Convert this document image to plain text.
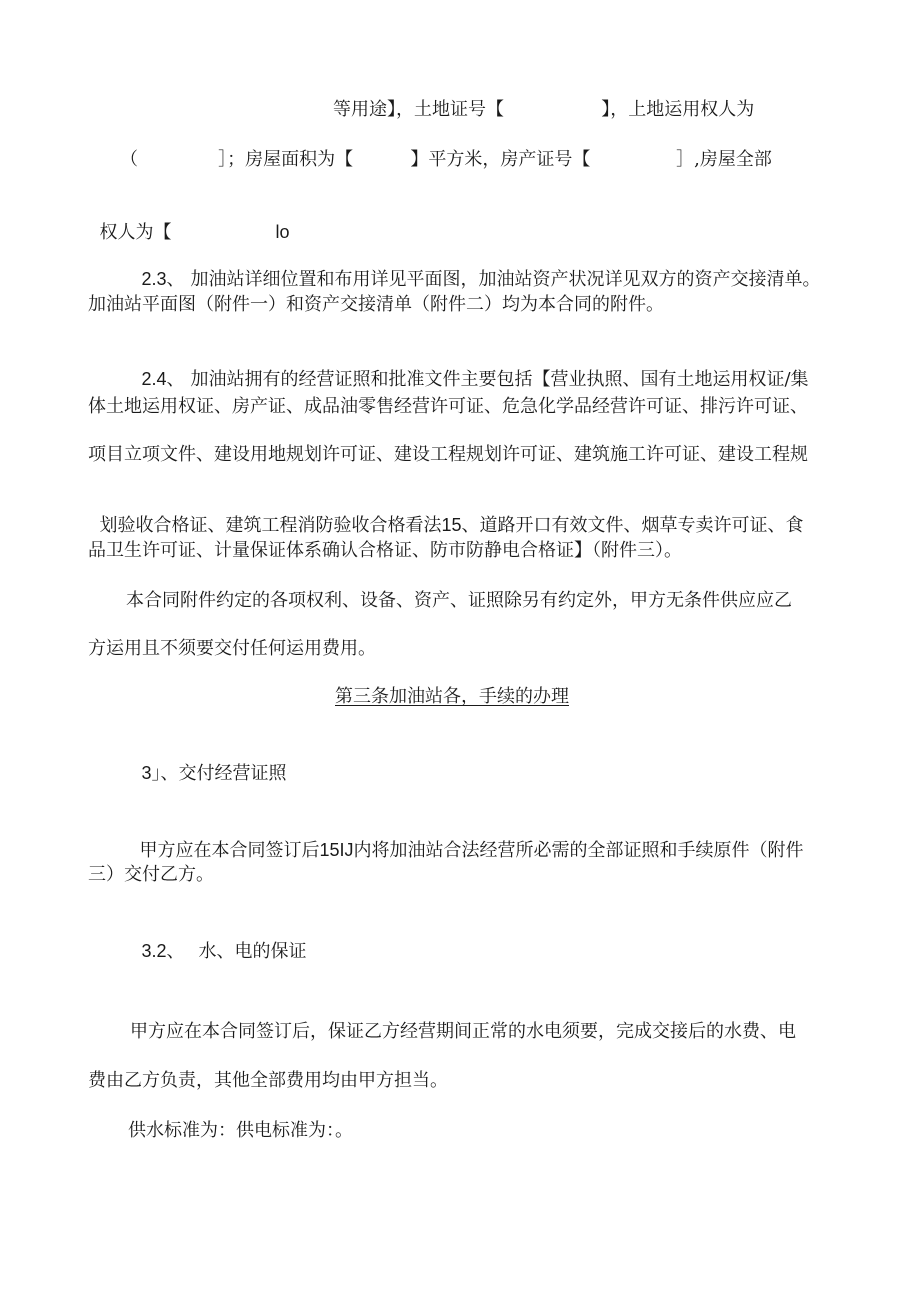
等用途】，土地证号【                 】，上地运用权人为
（              ］；房屋面积为【          】平方米，房产证号【               ］,房屋全部

权人为【	lo

2.3、 加油站详细位置和布用详见平面图，加油站资产状况详见双方的资产交接清单。

加油站平面图（附件一）和资产交接清单（附件二）均为本合同的附件。

2.4、 加油站拥有的经营证照和批准文件主要包括【营业执照、国有土地运用权证/集

体土地运用权证、房产证、成品油零售经营许可证、危急化学品经营许可证、排污许可证、
项目立项文件、建设用地规划许可证、建设工程规划许可证、建筑施工许可证、建设工程规

划验收合格证、建筑工程消防验收合格看法15、道路开口有效文件、烟草专卖许可证、食

品卫生许可证、计量保证体系确认合格证、防市防静电合格证】（附件三）。
本合同附件约定的各项权利、设备、资产、证照除另有约定外，甲方无条件供应应乙
方运用且不须要交付任何运用费用。
第三条加油站各，手续的办理

3」、交付经营证照

甲方应在本合同签订后15IJ内将加油站合法经营所必需的全部证照和手续原件（附件

三）交付乙方。

3.2、 水、电的保证

甲方应在本合同签订后，保证乙方经营期间正常的水电须要，完成交接后的水费、电
费由乙方负责，其他全部费用均由甲方担当。
供水标准为：供电标准为：。
